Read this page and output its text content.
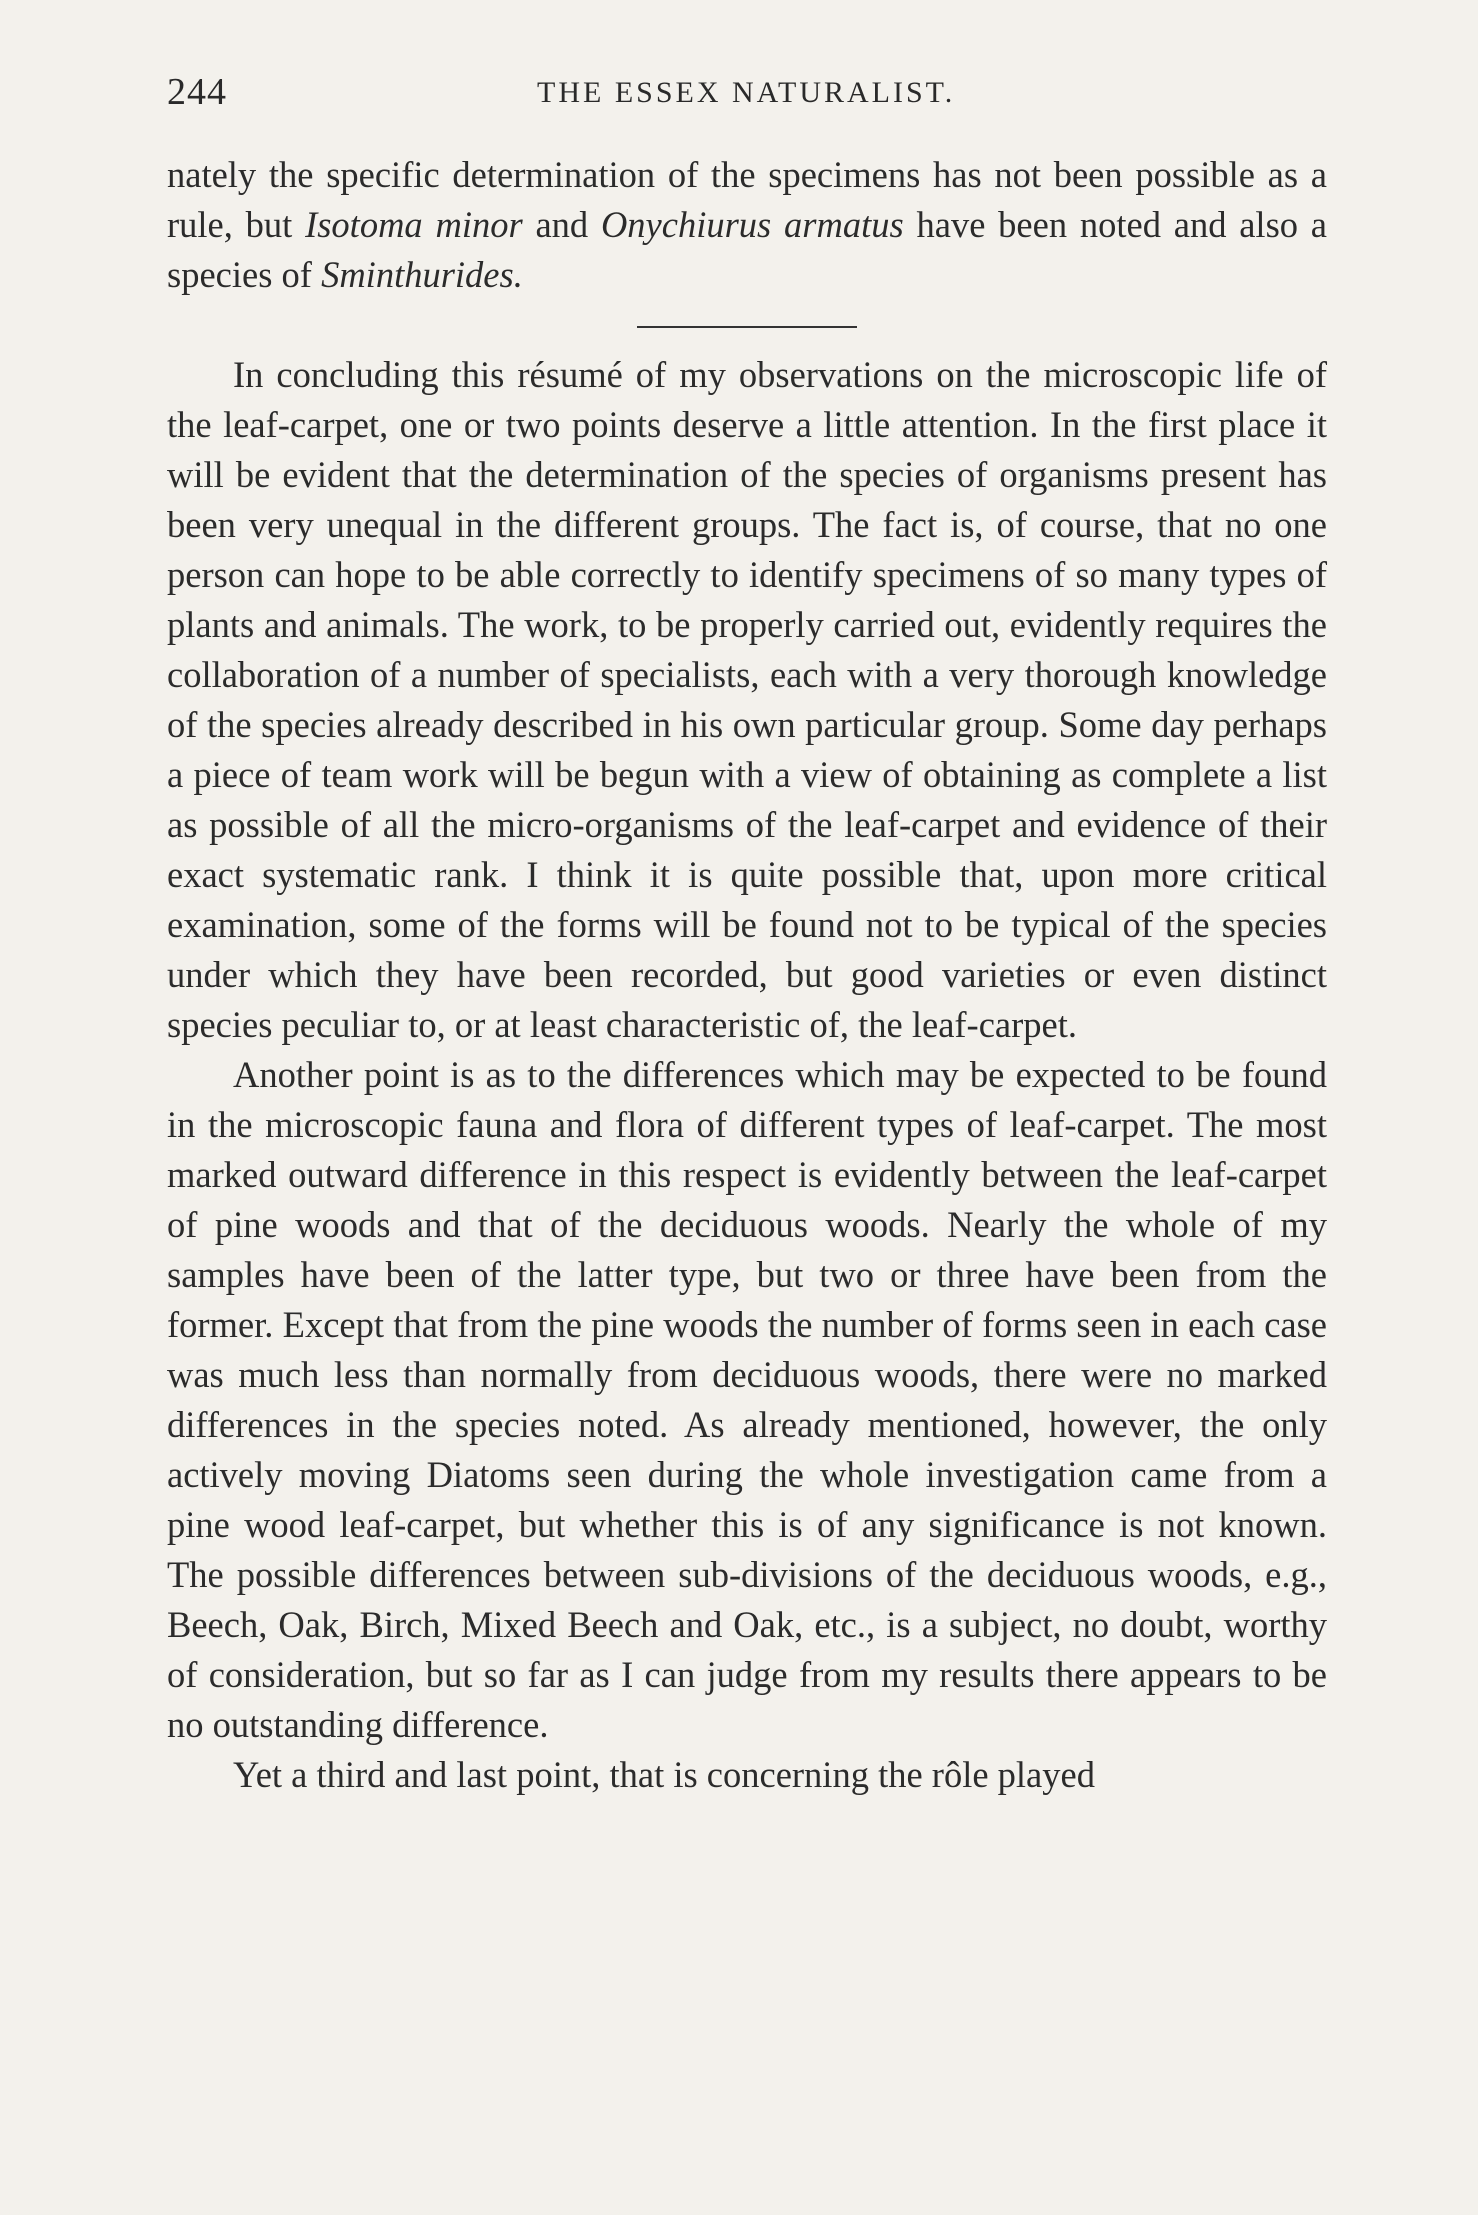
244	THE ESSEX NATURALIST.

nately the specific determination of the specimens has not been possible as a rule, but Isotoma minor and Onychiurus armatus have been noted and also a species of Sminthurides.

In concluding this résumé of my observations on the microscopic life of the leaf-carpet, one or two points deserve a little attention. In the first place it will be evident that the determination of the species of organisms present has been very unequal in the different groups. The fact is, of course, that no one person can hope to be able correctly to identify specimens of so many types of plants and animals. The work, to be properly carried out, evidently requires the collaboration of a number of specialists, each with a very thorough knowledge of the species already described in his own particular group. Some day perhaps a piece of team work will be begun with a view of obtaining as complete a list as possible of all the micro-organisms of the leaf-carpet and evidence of their exact systematic rank. I think it is quite possible that, upon more critical examination, some of the forms will be found not to be typical of the species under which they have been recorded, but good varieties or even distinct species peculiar to, or at least characteristic of, the leaf-carpet.

Another point is as to the differences which may be expected to be found in the microscopic fauna and flora of different types of leaf-carpet. The most marked outward difference in this respect is evidently between the leaf-carpet of pine woods and that of the deciduous woods. Nearly the whole of my samples have been of the latter type, but two or three have been from the former. Except that from the pine woods the number of forms seen in each case was much less than normally from deciduous woods, there were no marked differences in the species noted. As already mentioned, however, the only actively moving Diatoms seen during the whole investigation came from a pine wood leaf-carpet, but whether this is of any significance is not known. The possible differences between sub-divisions of the deciduous woods, e.g., Beech, Oak, Birch, Mixed Beech and Oak, etc., is a subject, no doubt, worthy of consideration, but so far as I can judge from my results there appears to be no outstanding difference.

Yet a third and last point, that is concerning the rôle played
